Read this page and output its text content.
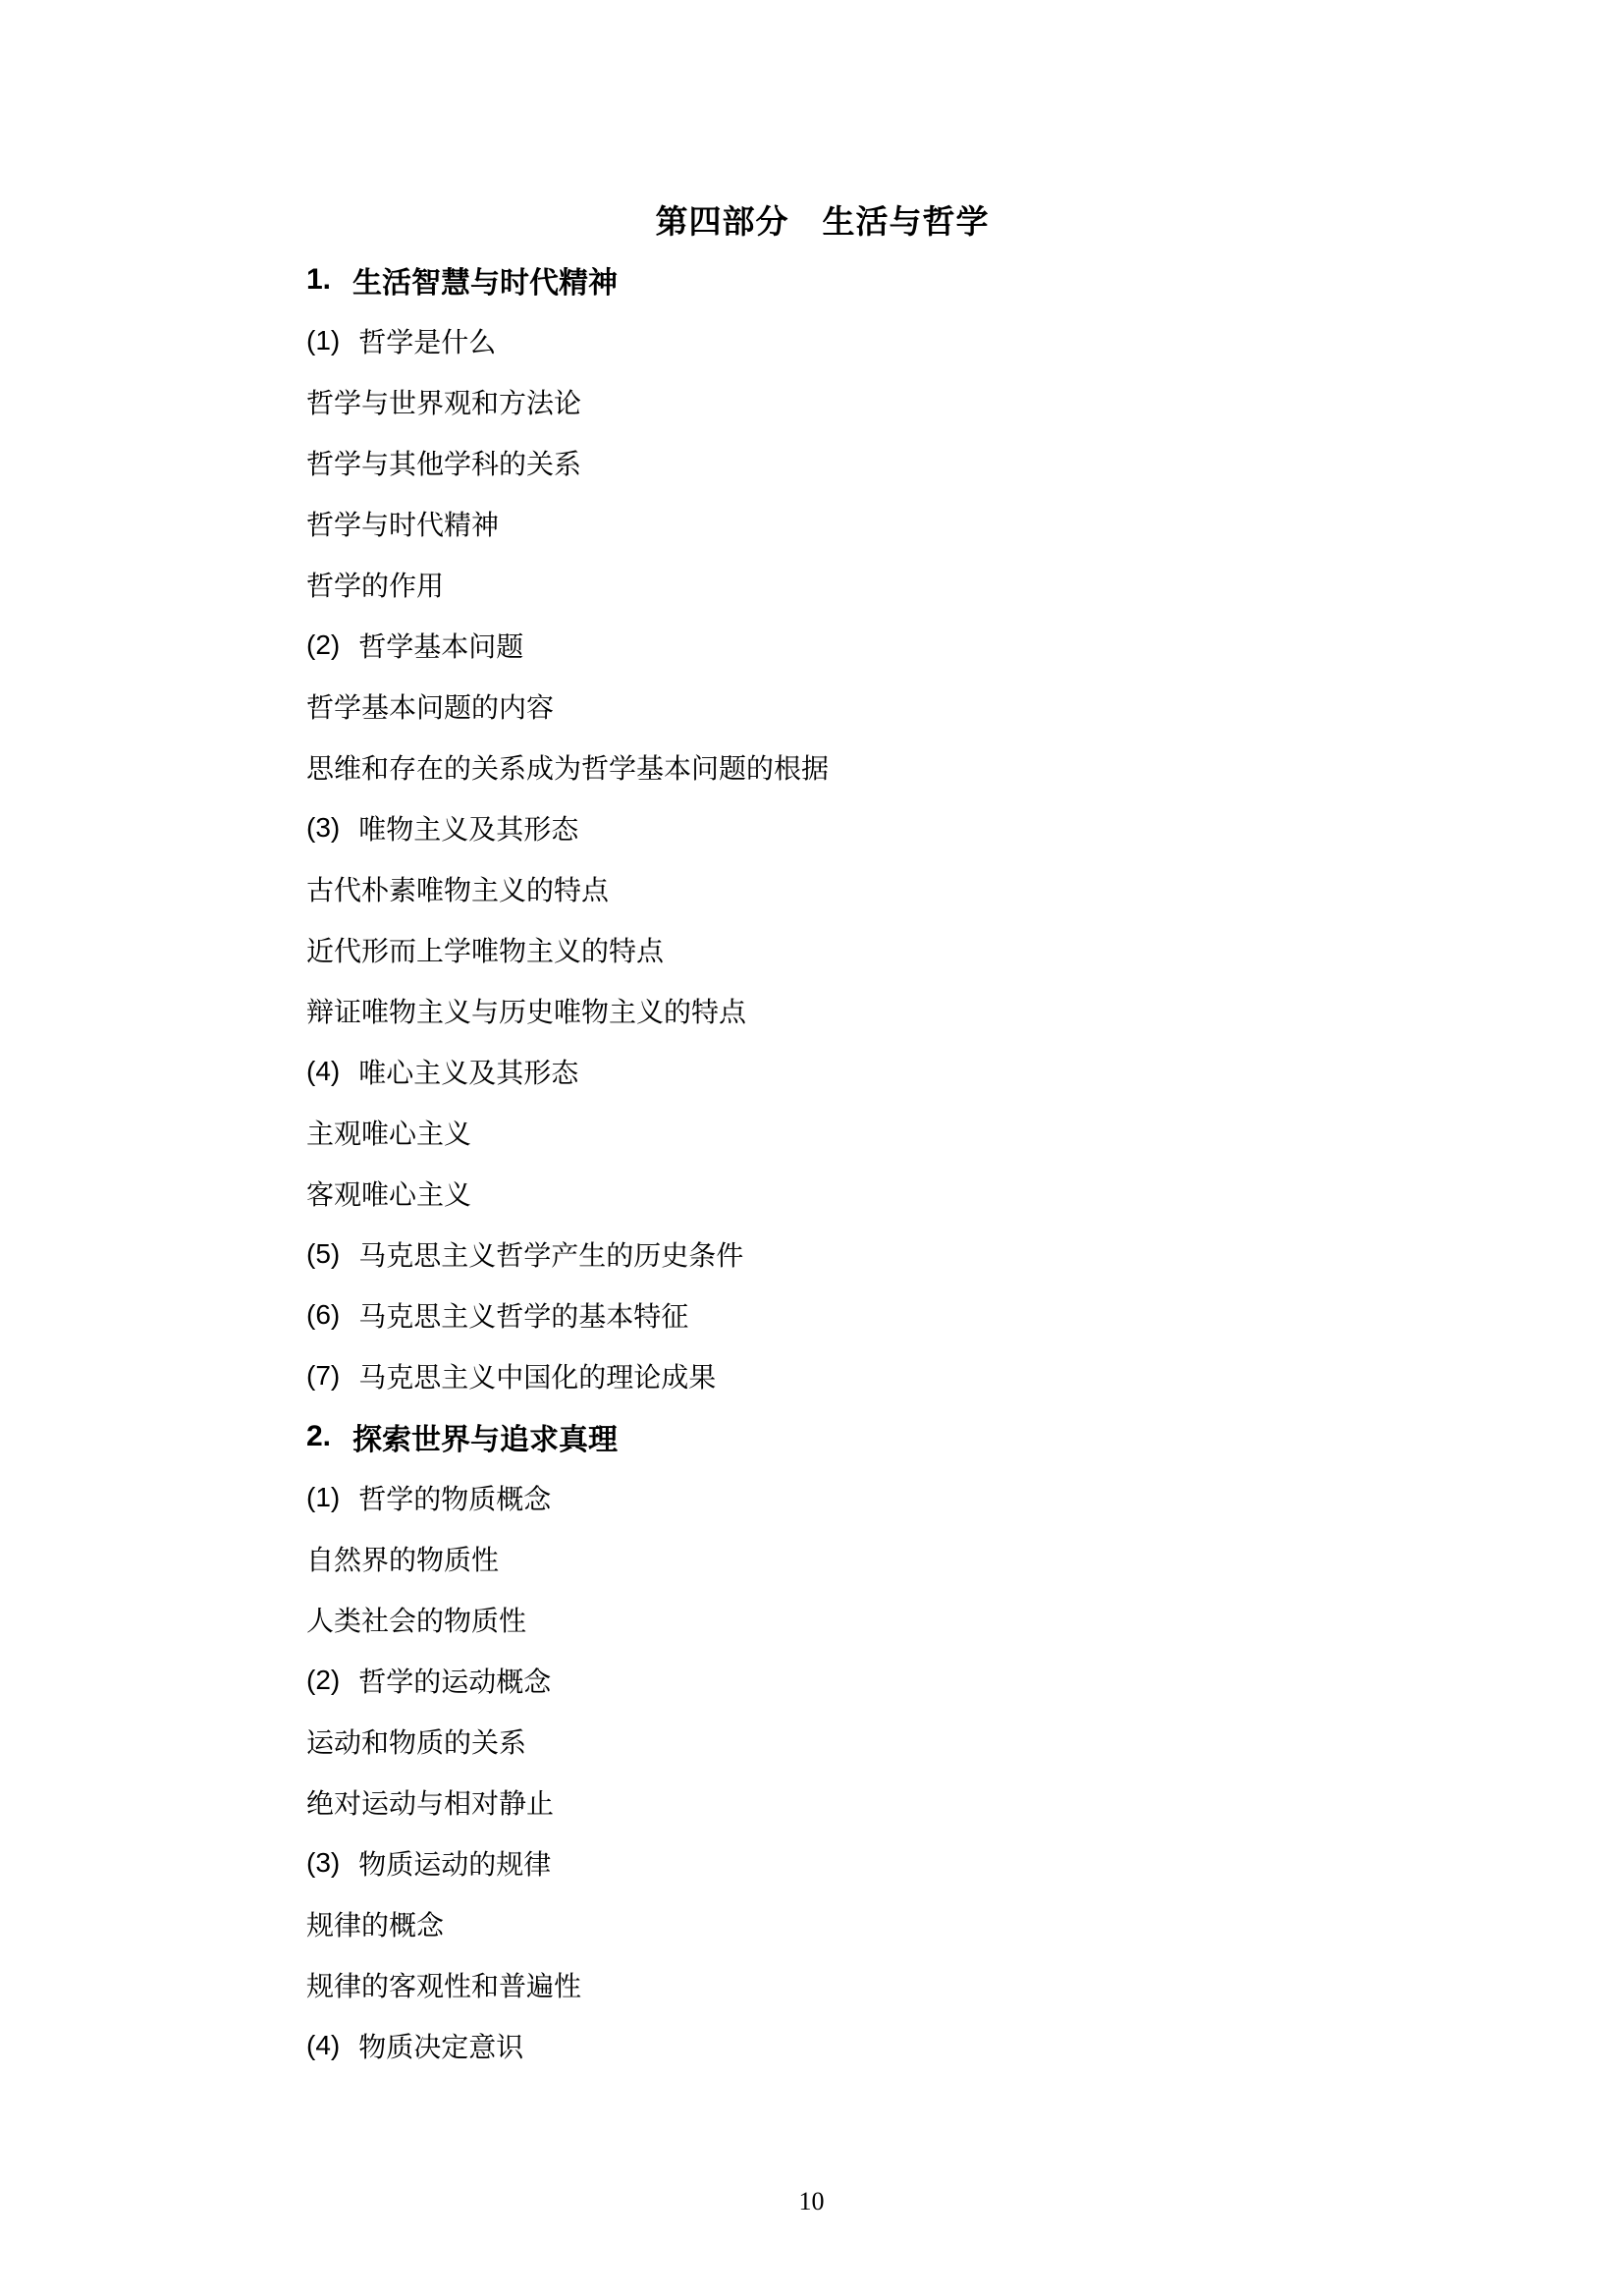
第四部分　生活与哲学
1. 生活智慧与时代精神
(1) 哲学是什么
哲学与世界观和方法论
哲学与其他学科的关系
哲学与时代精神
哲学的作用
(2) 哲学基本问题
哲学基本问题的内容
思维和存在的关系成为哲学基本问题的根据
(3) 唯物主义及其形态
古代朴素唯物主义的特点
近代形而上学唯物主义的特点
辩证唯物主义与历史唯物主义的特点
(4) 唯心主义及其形态
主观唯心主义
客观唯心主义
(5) 马克思主义哲学产生的历史条件
(6) 马克思主义哲学的基本特征
(7) 马克思主义中国化的理论成果
2. 探索世界与追求真理
(1) 哲学的物质概念
自然界的物质性
人类社会的物质性
(2) 哲学的运动概念
运动和物质的关系
绝对运动与相对静止
(3) 物质运动的规律
规律的概念
规律的客观性和普遍性
(4) 物质决定意识
10
